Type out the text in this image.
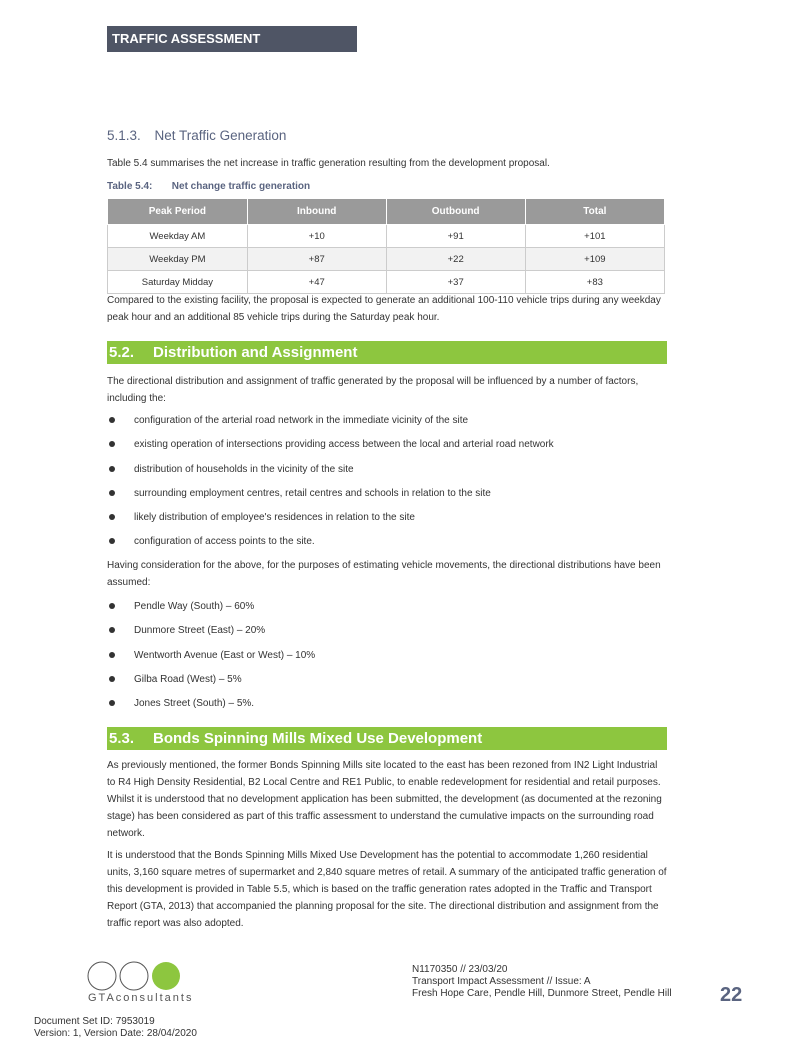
TRAFFIC ASSESSMENT
5.1.3. Net Traffic Generation
Table 5.4 summarises the net increase in traffic generation resulting from the development proposal.
Table 5.4: Net change traffic generation
Peak Period	Inbound	Outbound	Total
Weekday AM	+10	+91	+101
Weekday PM	+87	+22	+109
Saturday Midday	+47	+37	+83
Compared to the existing facility, the proposal is expected to generate an additional 100-110 vehicle trips during any weekday peak hour and an additional 85 vehicle trips during the Saturday peak hour.
5.2. Distribution and Assignment
The directional distribution and assignment of traffic generated by the proposal will be influenced by a number of factors, including the:
configuration of the arterial road network in the immediate vicinity of the site
existing operation of intersections providing access between the local and arterial road network
distribution of households in the vicinity of the site
surrounding employment centres, retail centres and schools in relation to the site
likely distribution of employee's residences in relation to the site
configuration of access points to the site.
Having consideration for the above, for the purposes of estimating vehicle movements, the directional distributions have been assumed:
Pendle Way (South) – 60%
Dunmore Street (East) – 20%
Wentworth Avenue (East or West) – 10%
Gilba Road (West) – 5%
Jones Street (South) – 5%.
5.3. Bonds Spinning Mills Mixed Use Development
As previously mentioned, the former Bonds Spinning Mills site located to the east has been rezoned from IN2 Light Industrial to R4 High Density Residential, B2 Local Centre and RE1 Public, to enable redevelopment for residential and retail purposes. Whilst it is understood that no development application has been submitted, the development (as documented at the rezoning stage) has been considered as part of this traffic assessment to understand the cumulative impacts on the surrounding road network.
It is understood that the Bonds Spinning Mills Mixed Use Development has the potential to accommodate 1,260 residential units, 3,160 square metres of supermarket and 2,840 square metres of retail. A summary of the anticipated traffic generation of this development is provided in Table 5.5, which is based on the traffic generation rates adopted in the Traffic and Transport Report (GTA, 2013) that accompanied the planning proposal for the site. The directional distribution and assignment from the traffic report was also adopted.
GTAconsultants
N1170350 // 23/03/20
Transport Impact Assessment // Issue: A
Fresh Hope Care, Pendle Hill, Dunmore Street, Pendle Hill 22
Document Set ID: 7953019
Version: 1, Version Date: 28/04/2020
